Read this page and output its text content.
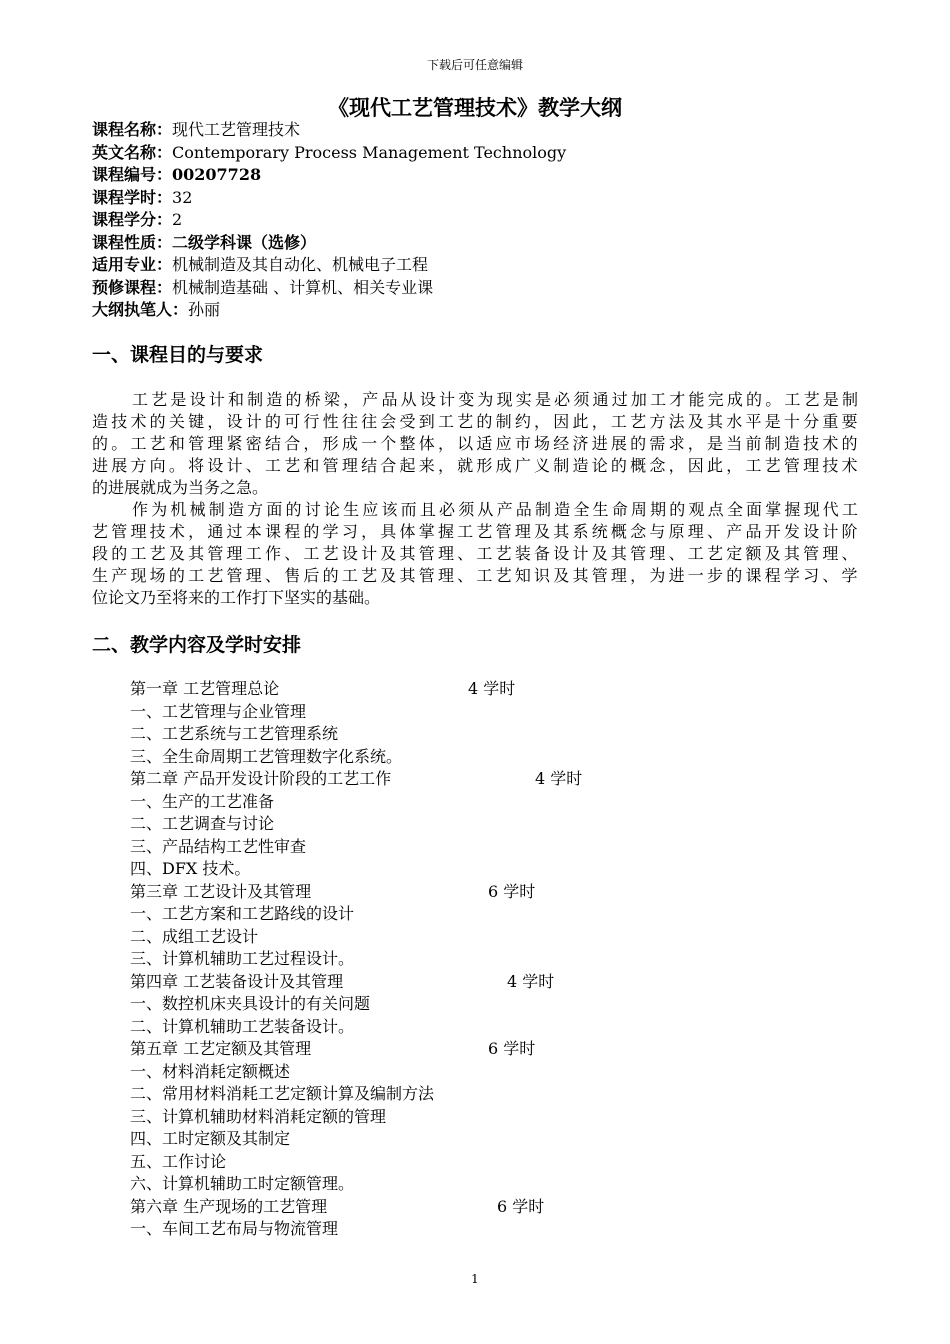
下载后可任意编辑
《现代工艺管理技术》教学大纲
课程名称：现代工艺管理技术
英文名称：Contemporary Process Management Technology
课程编号：00207728
课程学时：32
课程学分：2
课程性质：二级学科课（选修）
适用专业：机械制造及其自动化、机械电子工程
预修课程：机械制造基础 、计算机、相关专业课
大纲执笔人：孙丽
一、课程目的与要求
工 艺 是 设 计 和 制 造 的 桥 梁 ， 产 品 从 设 计 变 为 现 实 是 必 须 通 过 加 工 才 能 完 成 的 。 工 艺 是 制
造 技 术 的 关 键 ， 设 计 的 可 行 性 往 往 会 受 到 工 艺 的 制 约 ， 因 此 ， 工 艺 方 法 及 其 水 平 是 十 分 重 要
的 。 工 艺 和 管 理 紧 密 结 合 ， 形 成 一 个 整 体 ， 以 适 应 市 场 经 济 进 展 的 需 求 ， 是 当 前 制 造 技 术 的
进 展 方 向 。 将 设 计 、 工 艺 和 管 理 结 合 起 来 ， 就 形 成 广 义 制 造 论 的 概 念 ， 因 此 ， 工 艺 管 理 技 术
的进展就成为当务之急。
作 为 机 械 制 造 方 面 的 讨 论 生 应 该 而 且 必 须 从 产 品 制 造 全 生 命 周 期 的 观 点 全 面 掌 握 现 代 工
艺 管 理 技 术 ， 通 过 本 课 程 的 学 习 ， 具 体 掌 握 工 艺 管 理 及 其 系 统 概 念 与 原 理 、 产 品 开 发 设 计 阶
段 的 工 艺 及 其 管 理 工 作 、 工 艺 设 计 及 其 管 理 、 工 艺 装 备 设 计 及 其 管 理 、 工 艺 定 额 及 其 管 理 、
生 产 现 场 的 工 艺 管 理 、 售 后 的 工 艺 及 其 管 理 、 工 艺 知 识 及 其 管 理 ， 为 进 一 步 的 课 程 学 习 、 学
位论文乃至将来的工作打下坚实的基础。
二、教学内容及学时安排
第一章 工艺管理总论	4 学时
一、工艺管理与企业管理
二、工艺系统与工艺管理系统
三、全生命周期工艺管理数字化系统。
第二章 产品开发设计阶段的工艺工作	4 学时
一、生产的工艺准备
二、工艺调查与讨论
三、产品结构工艺性审查
四、DFX 技术。
第三章 工艺设计及其管理	6 学时
一、工艺方案和工艺路线的设计
二、成组工艺设计
三、计算机辅助工艺过程设计。
第四章 工艺装备设计及其管理	4 学时
一、数控机床夹具设计的有关问题
二、计算机辅助工艺装备设计。
第五章 工艺定额及其管理	6 学时
一、材料消耗定额概述
二、常用材料消耗工艺定额计算及编制方法
三、计算机辅助材料消耗定额的管理
四、工时定额及其制定
五、工作讨论
六、计算机辅助工时定额管理。
第六章 生产现场的工艺管理	6 学时
一、车间工艺布局与物流管理
1
